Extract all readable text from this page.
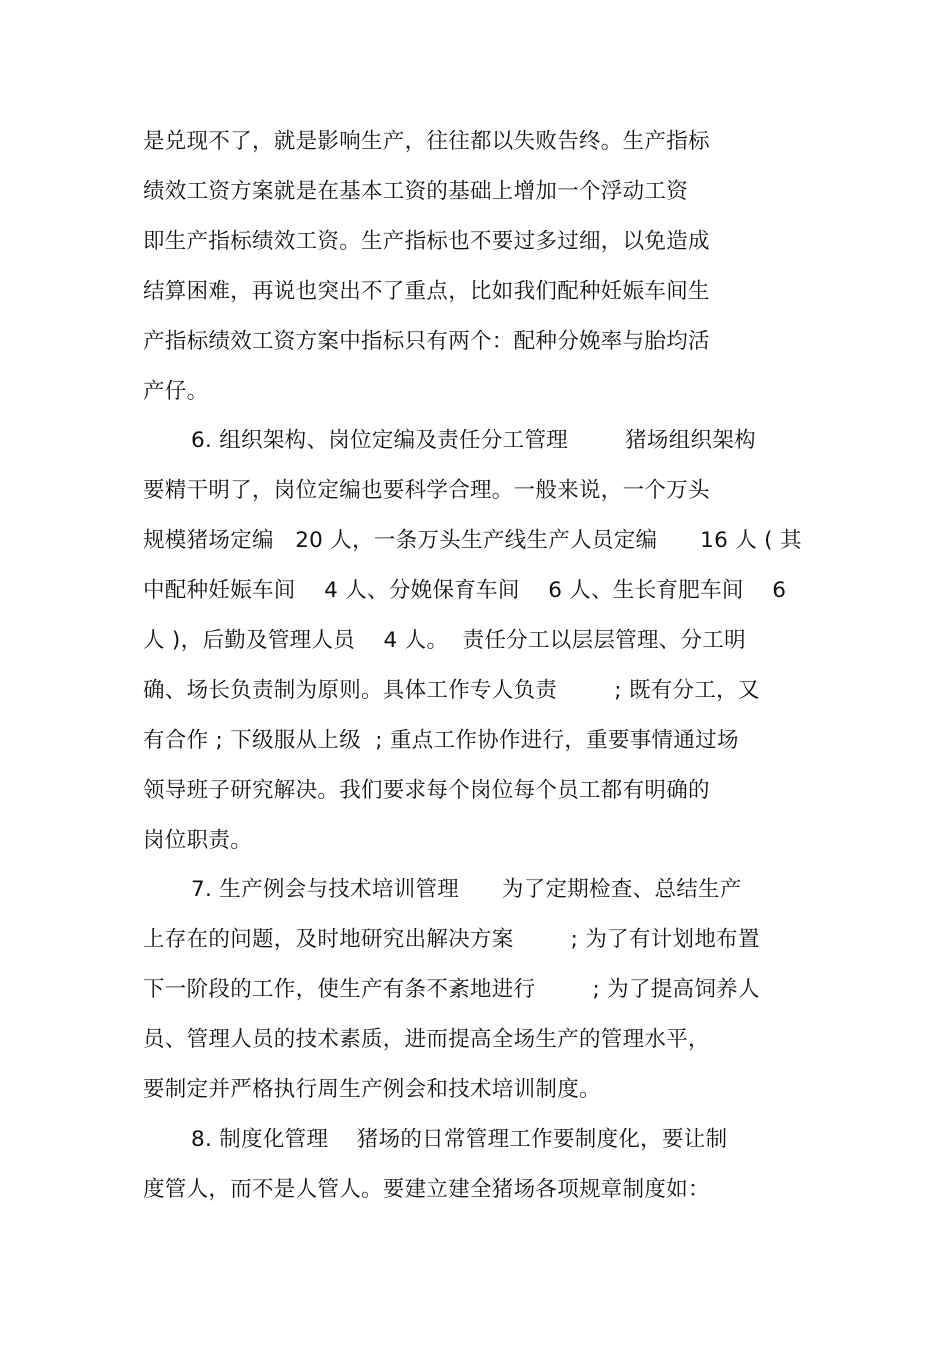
是兑现不了，就是影响生产，往往都以失败告终。生产指标
绩效工资方案就是在基本工资的基础上增加一个浮动工资
即生产指标绩效工资。生产指标也不要过多过细，以免造成
结算困难，再说也突出不了重点，比如我们配种妊娠车间生
产指标绩效工资方案中指标只有两个：配种分娩率与胎均活
产仔。
6. 组织架构、岗位定编及责任分工管理        猪场组织架构
要精干明了，岗位定编也要科学合理。一般来说，一个万头
规模猪场定编   20 人，一条万头生产线生产人员定编      16 人 ( 其
中配种妊娠车间    4 人、分娩保育车间    6 人、生长育肥车间    6
人 )，后勤及管理人员    4 人。  责任分工以层层管理、分工明
确、场长负责制为原则。具体工作专人负责        ; 既有分工，又
有合作 ; 下级服从上级  ; 重点工作协作进行，重要事情通过场
领导班子研究解决。我们要求每个岗位每个员工都有明确的
岗位职责。
7. 生产例会与技术培训管理      为了定期检查、总结生产
上存在的问题，及时地研究出解决方案        ; 为了有计划地布置
下一阶段的工作，使生产有条不紊地进行        ; 为了提高饲养人
员、管理人员的技术素质，进而提高全场生产的管理水平，
要制定并严格执行周生产例会和技术培训制度。
8. 制度化管理    猪场的日常管理工作要制度化，要让制
度管人，而不是人管人。要建立建全猪场各项规章制度如：
